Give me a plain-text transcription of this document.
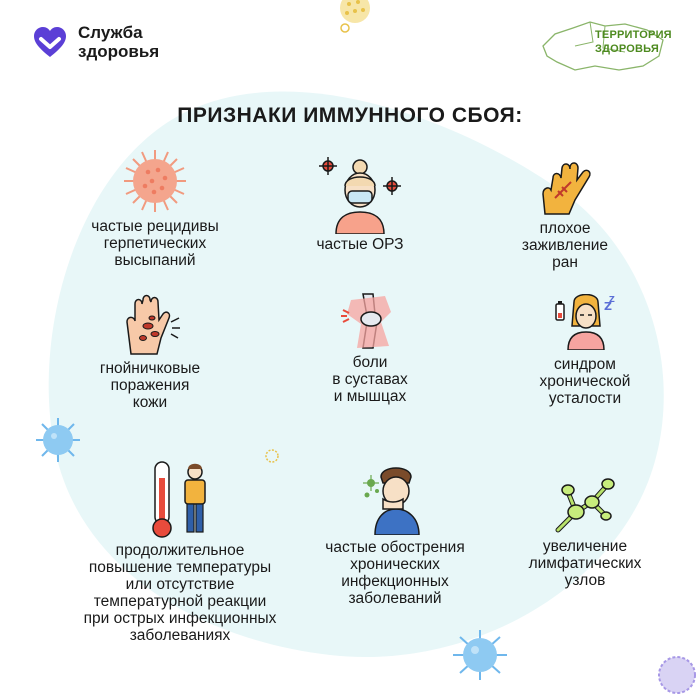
Служба
здоровья
ТЕРРИТОРИЯ
ЗДОРОВЬЯ
ПРИЗНАКИ ИММУННОГО СБОЯ:
частые рецидивы
герпетических
высыпаний
частые ОРЗ
плохое
заживление
ран
гнойничковые
поражения
кожи
боли
в суставах
и мышцах
Z
Z
синдром
хронической
усталости
продолжительное
повышение температуры
или отсутствие
температурной реакции
при острых инфекционных
заболеваниях
частые обострения
хронических
инфекционных
заболеваний
увеличение
лимфатических
узлов
